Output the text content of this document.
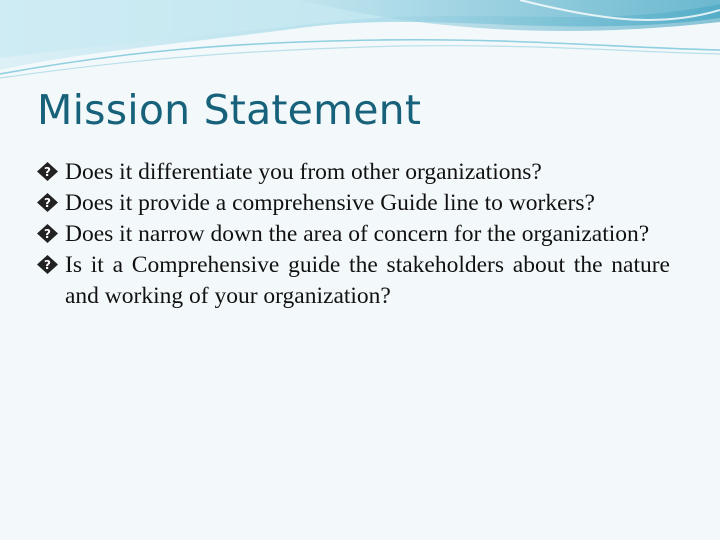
Mission Statement

? Does it differentiate you from other organizations?

? Does it provide a comprehensive Guide line to workers?

? Does it narrow down the area of concern for the organization?

? Is it a Comprehensive guide the stakeholders about the nature and working of your organization?
